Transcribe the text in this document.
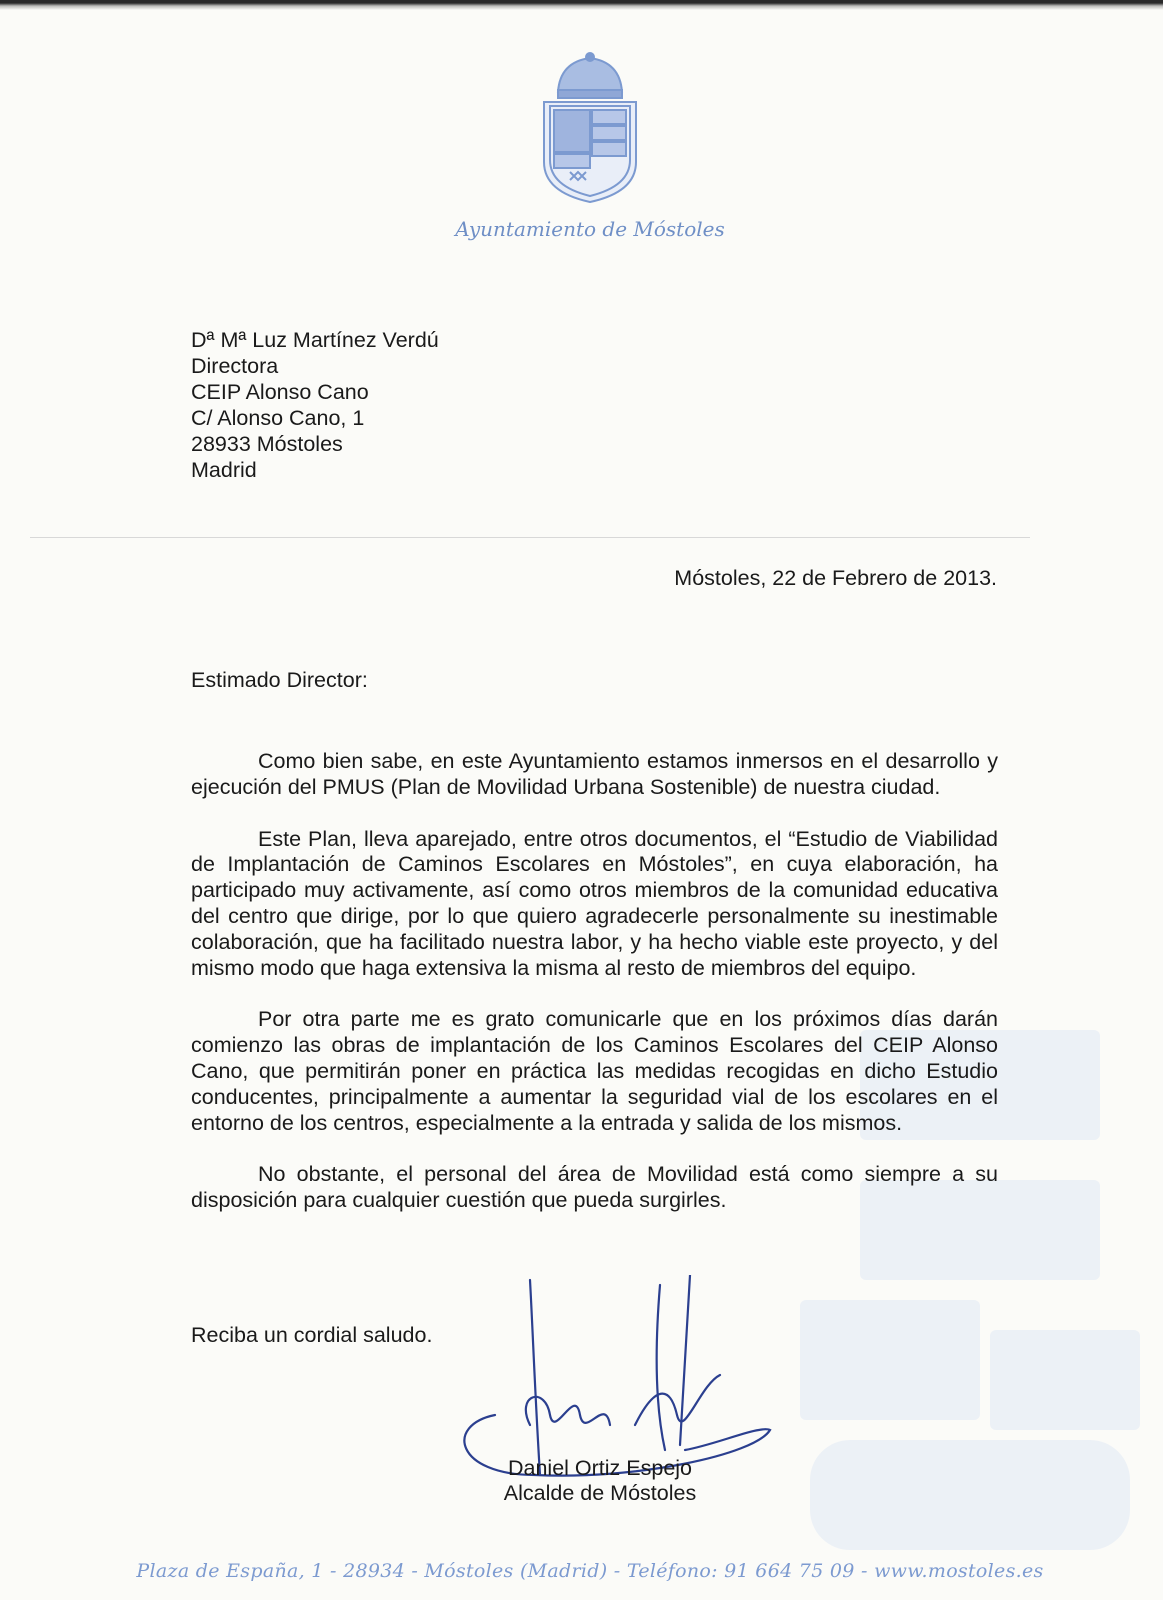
Ayuntamiento de Móstoles
Dª Mª Luz Martínez Verdú
Directora
CEIP Alonso Cano
C/ Alonso Cano, 1
28933 Móstoles
Madrid
Móstoles, 22 de Febrero de 2013.
Estimado Director:

Como bien sabe, en este Ayuntamiento estamos inmersos en el desarrollo y ejecución del PMUS (Plan de Movilidad Urbana Sostenible) de nuestra ciudad.

Este Plan, lleva aparejado, entre otros documentos, el “Estudio de Viabilidad de Implantación de Caminos Escolares en Móstoles”, en cuya elaboración, ha participado muy activamente, así como otros miembros de la comunidad educativa del centro que dirige, por lo que quiero agradecerle personalmente su inestimable colaboración, que ha facilitado nuestra labor, y ha hecho viable este proyecto, y del mismo modo que haga extensiva la misma al resto de miembros del equipo.

Por otra parte me es grato comunicarle que en los próximos días darán comienzo las obras de implantación de los Caminos Escolares del CEIP Alonso Cano, que permitirán poner en práctica las medidas recogidas en dicho Estudio conducentes, principalmente a aumentar la seguridad vial de los escolares en el entorno de los centros, especialmente a la entrada y salida de los mismos.

No obstante, el personal del área de Movilidad está como siempre a su disposición para cualquier cuestión que pueda surgirles.

Reciba un cordial saludo.
Daniel Ortiz Espejo
Alcalde de Móstoles
Plaza de España, 1 - 28934 - Móstoles (Madrid) - Teléfono: 91 664 75 09 - www.mostoles.es
